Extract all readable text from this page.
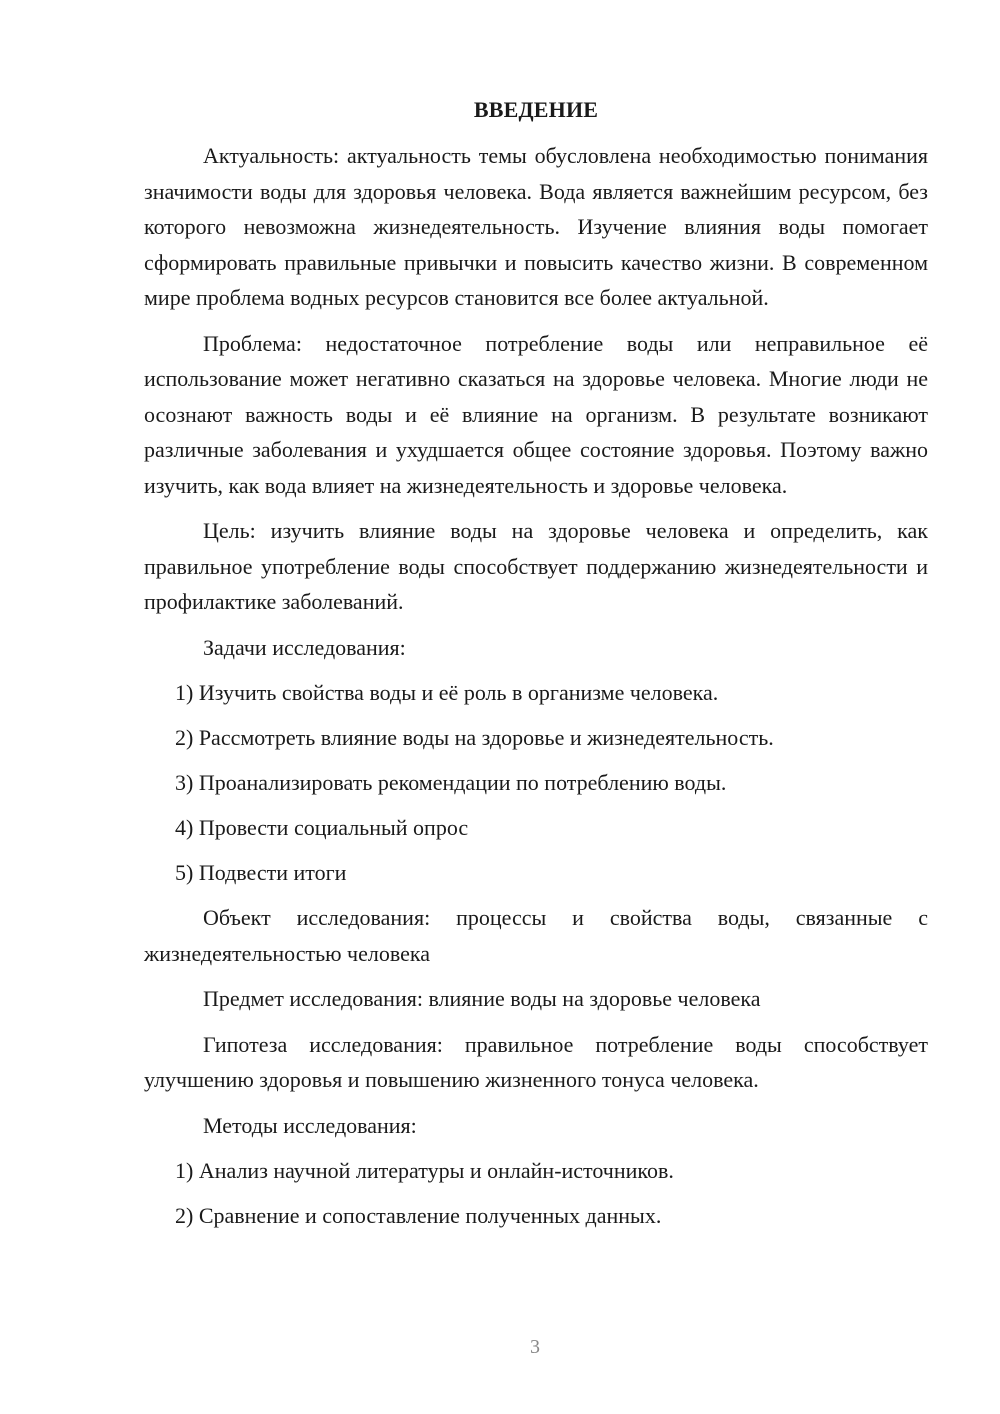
ВВЕДЕНИЕ

Актуальность: актуальность темы обусловлена необходимостью понимания значимости воды для здоровья человека. Вода является важнейшим ресурсом, без которого невозможна жизнедеятельность. Изучение влияния воды помогает сформировать правильные привычки и повысить качество жизни. В современном мире проблема водных ресурсов становится все более актуальной.

Проблема: недостаточное потребление воды или неправильное её использование может негативно сказаться на здоровье человека. Многие люди не осознают важность воды и её влияние на организм. В результате возникают различные заболевания и ухудшается общее состояние здоровья. Поэтому важно изучить, как вода влияет на жизнедеятельность и здоровье человека.

Цель: изучить влияние воды на здоровье человека и определить, как правильное употребление воды способствует поддержанию жизнедеятельности и профилактике заболеваний.

Задачи исследования:

1) Изучить свойства воды и её роль в организме человека.

2) Рассмотреть влияние воды на здоровье и жизнедеятельность.

3) Проанализировать рекомендации по потреблению воды.

4) Провести социальный опрос

5) Подвести итоги

Объект исследования: процессы и свойства воды, связанные с жизнедеятельностью человека

Предмет исследования: влияние воды на здоровье человека

Гипотеза исследования: правильное потребление воды способствует улучшению здоровья и повышению жизненного тонуса человека.

Методы исследования:

1) Анализ научной литературы и онлайн-источников.

2) Сравнение и сопоставление полученных данных.

3
